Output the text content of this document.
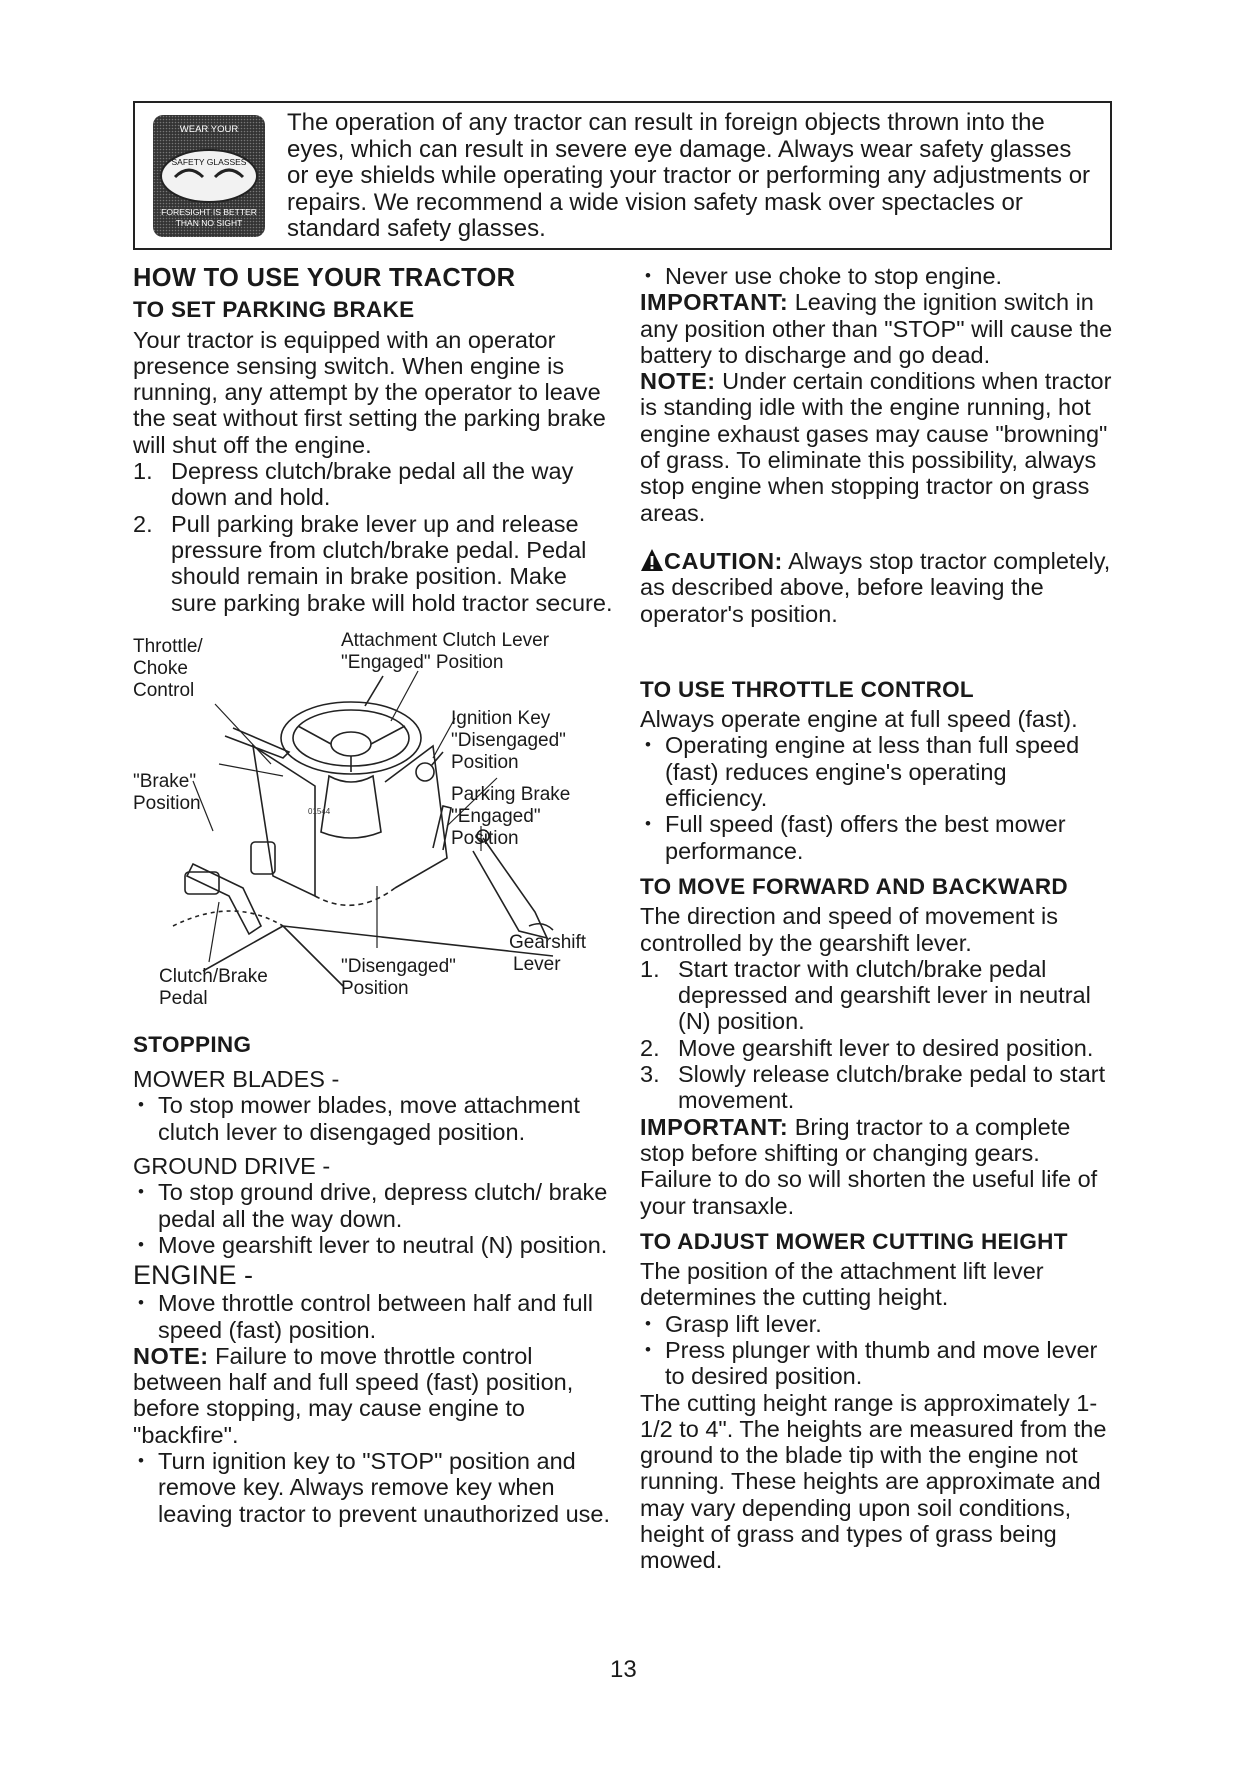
WEAR YOUR
SAFETY GLASSES
FORESIGHT IS BETTER
THAN NO SIGHT

The operation of any tractor can result in foreign objects thrown into the eyes, which can result in severe eye damage. Always wear safety glasses or eye shields while operating your tractor or performing any adjustments or repairs. We recommend a wide vision safety mask over spectacles or standard safety glasses.

HOW TO USE YOUR TRACTOR
TO SET PARKING BRAKE

Your tractor is equipped with an operator presence sensing switch. When engine is running, any attempt by the operator to leave the seat without first setting the parking brake will shut off the engine.

1. Depress clutch/brake pedal all the way down and hold.
2. Pull parking brake lever up and release pressure from clutch/brake pedal. Pedal should remain in brake position. Make sure parking brake will hold tractor secure.
01544
Throttle/
Choke
Control
Attachment Clutch Lever
"Engaged" Position
Ignition Key
"Disengaged"
Position
"Brake"
Position	Parking Brake
"Engaged"
Position
Gearshift
Lever
Clutch/Brake
Pedal
"Disengaged"
Position
STOPPING

MOWER BLADES -

• To stop mower blades, move attachment clutch lever to disengaged position.

GROUND DRIVE -

• To stop ground drive, depress clutch/ brake pedal all the way down.
• Move gearshift lever to neutral (N) position.

ENGINE -

• Move throttle control between half and full speed (fast) position.

NOTE: Failure to move throttle control between half and full speed (fast) position, before stopping, may cause engine to "backfire".

• Turn ignition key to "STOP" position and remove key. Always remove key when leaving tractor to prevent unauthorized use.
• Never use choke to stop engine.

IMPORTANT: Leaving the ignition switch in any position other than "STOP" will cause the battery to discharge and go dead.

NOTE: Under certain conditions when tractor is standing idle with the engine running, hot engine exhaust gases may cause "browning" of grass. To eliminate this possibility, always stop engine when stopping tractor on grass areas.

CAUTION: Always stop tractor completely, as described above, before leaving the operator's position.

TO USE THROTTLE CONTROL

Always operate engine at full speed (fast).

• Operating engine at less than full speed (fast) reduces engine's operating efficiency.
• Full speed (fast) offers the best mower performance.
TO MOVE FORWARD AND BACKWARD

The direction and speed of movement is controlled by the gearshift lever.

1. Start tractor with clutch/brake pedal depressed and gearshift lever in neutral (N) position.
2. Move gearshift lever to desired position.
3. Slowly release clutch/brake pedal to start movement.

IMPORTANT: Bring tractor to a complete stop before shifting or changing gears. Failure to do so will shorten the useful life of your transaxle.

TO ADJUST MOWER CUTTING HEIGHT

The position of the attachment lift lever determines the cutting height.

• Grasp lift lever.
• Press plunger with thumb and move lever to desired position.

The cutting height range is approximately 1-1/2 to 4". The heights are measured from the ground to the blade tip with the engine not running. These heights are approximate and may vary depending upon soil conditions, height of grass and types of grass being mowed.

13
